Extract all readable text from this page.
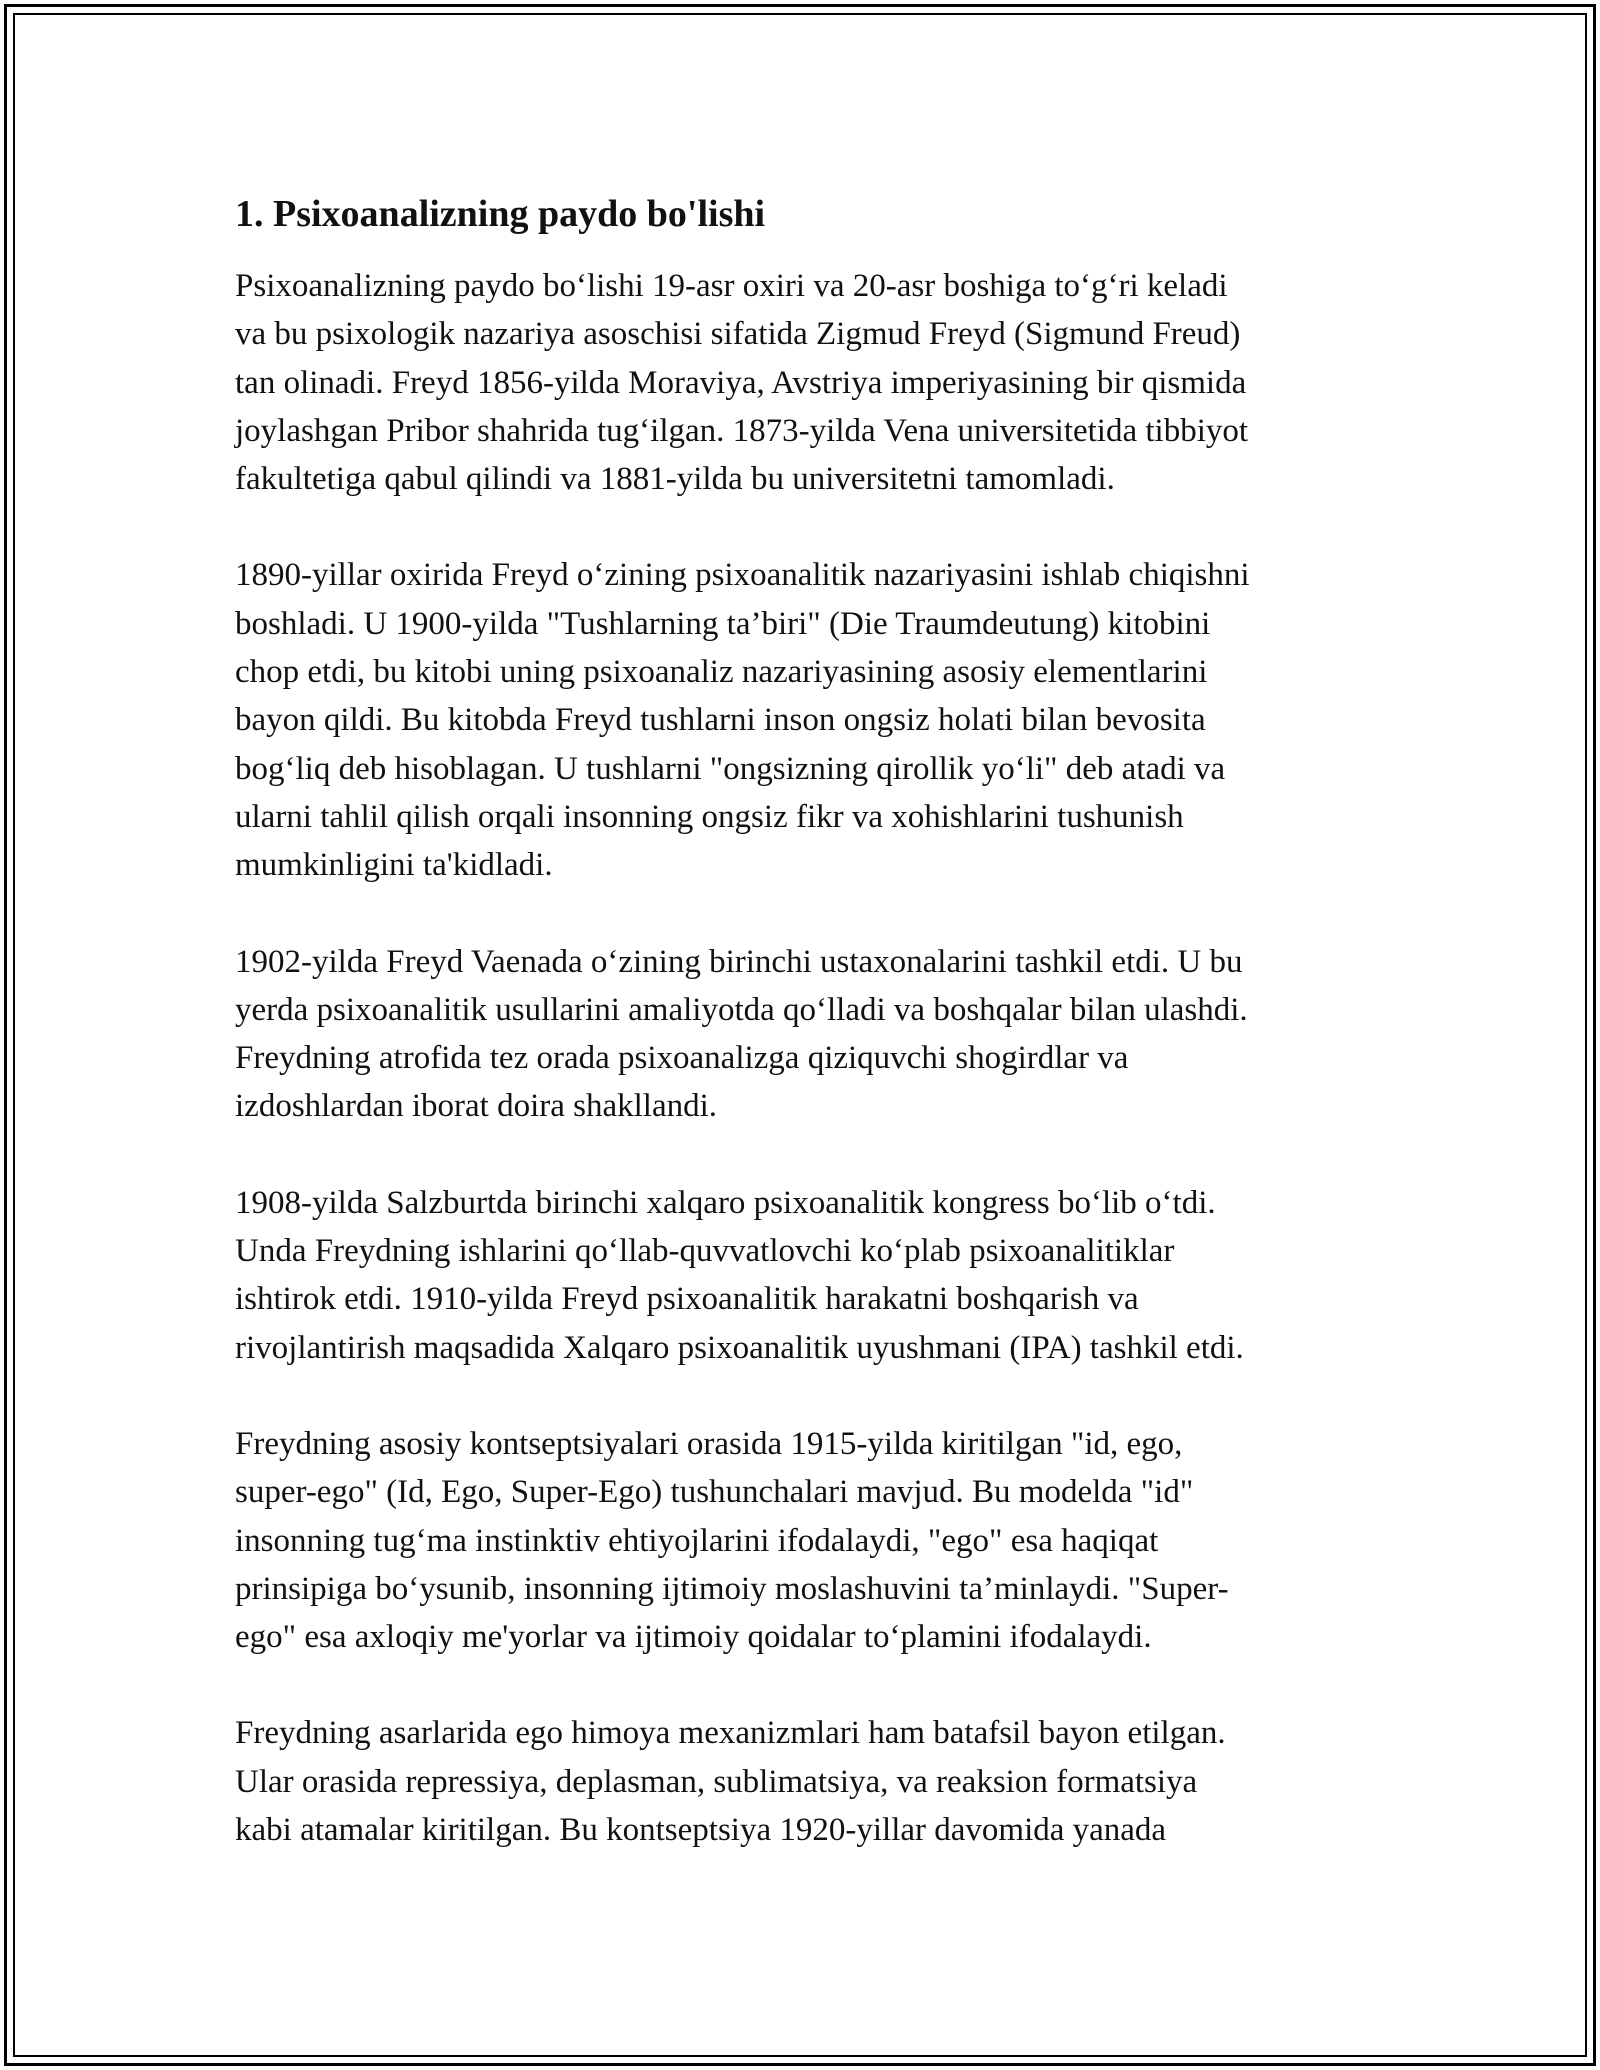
1. Psixoanalizning paydo bo'lishi

Psixoanalizning paydo bo‘lishi 19-asr oxiri va 20-asr boshiga to‘g‘ri keladi
va bu psixologik nazariya asoschisi sifatida Zigmud Freyd (Sigmund Freud)
tan olinadi. Freyd 1856-yilda Moraviya, Avstriya imperiyasining bir qismida
joylashgan Pribor shahrida tug‘ilgan. 1873-yilda Vena universitetida tibbiyot
fakultetiga qabul qilindi va 1881-yilda bu universitetni tamomladi.

1890-yillar oxirida Freyd o‘zining psixoanalitik nazariyasini ishlab chiqishni
boshladi. U 1900-yilda "Tushlarning ta’biri" (Die Traumdeutung) kitobini
chop etdi, bu kitobi uning psixoanaliz nazariyasining asosiy elementlarini
bayon qildi. Bu kitobda Freyd tushlarni inson ongsiz holati bilan bevosita
bog‘liq deb hisoblagan. U tushlarni "ongsizning qirollik yo‘li" deb atadi va
ularni tahlil qilish orqali insonning ongsiz fikr va xohishlarini tushunish
mumkinligini ta'kidladi.

1902-yilda Freyd Vaenada o‘zining birinchi ustaxonalarini tashkil etdi. U bu
yerda psixoanalitik usullarini amaliyotda qo‘lladi va boshqalar bilan ulashdi.
Freydning atrofida tez orada psixoanalizga qiziquvchi shogirdlar va
izdoshlardan iborat doira shakllandi.

1908-yilda Salzburtda birinchi xalqaro psixoanalitik kongress bo‘lib o‘tdi.
Unda Freydning ishlarini qo‘llab-quvvatlovchi ko‘plab psixoanalitiklar
ishtirok etdi. 1910-yilda Freyd psixoanalitik harakatni boshqarish va
rivojlantirish maqsadida Xalqaro psixoanalitik uyushmani (IPA) tashkil etdi.

Freydning asosiy kontseptsiyalari orasida 1915-yilda kiritilgan "id, ego,
super-ego" (Id, Ego, Super-Ego) tushunchalari mavjud. Bu modelda "id"
insonning tug‘ma instinktiv ehtiyojlarini ifodalaydi, "ego" esa haqiqat
prinsipiga bo‘ysunib, insonning ijtimoiy moslashuvini ta’minlaydi. "Super-
ego" esa axloqiy me'yorlar va ijtimoiy qoidalar to‘plamini ifodalaydi.

Freydning asarlarida ego himoya mexanizmlari ham batafsil bayon etilgan.
Ular orasida repressiya, deplasman, sublimatsiya, va reaksion formatsiya
kabi atamalar kiritilgan. Bu kontseptsiya 1920-yillar davomida yanada
